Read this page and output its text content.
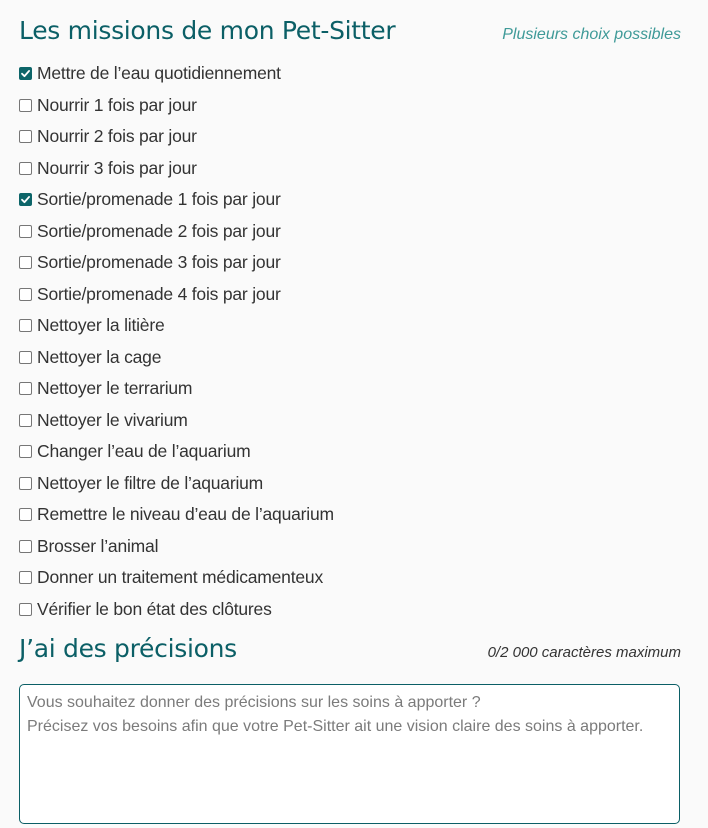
Les missions de mon Pet-Sitter	Plusieurs choix possibles
Mettre de l’eau quotidiennement
Nourrir 1 fois par jour
Nourrir 2 fois par jour
Nourrir 3 fois par jour
Sortie/promenade 1 fois par jour
Sortie/promenade 2 fois par jour
Sortie/promenade 3 fois par jour
Sortie/promenade 4 fois par jour
Nettoyer la litière
Nettoyer la cage
Nettoyer le terrarium
Nettoyer le vivarium
Changer l’eau de l’aquarium
Nettoyer le filtre de l’aquarium
Remettre le niveau d’eau de l’aquarium
Brosser l’animal
Donner un traitement médicamenteux
Vérifier le bon état des clôtures
J’ai des précisions	0/2 000 caractères maximum
Vous souhaitez donner des précisions sur les soins à apporter ? Précisez vos besoins afin que votre Pet-Sitter ait une vision claire des soins à apporter.
